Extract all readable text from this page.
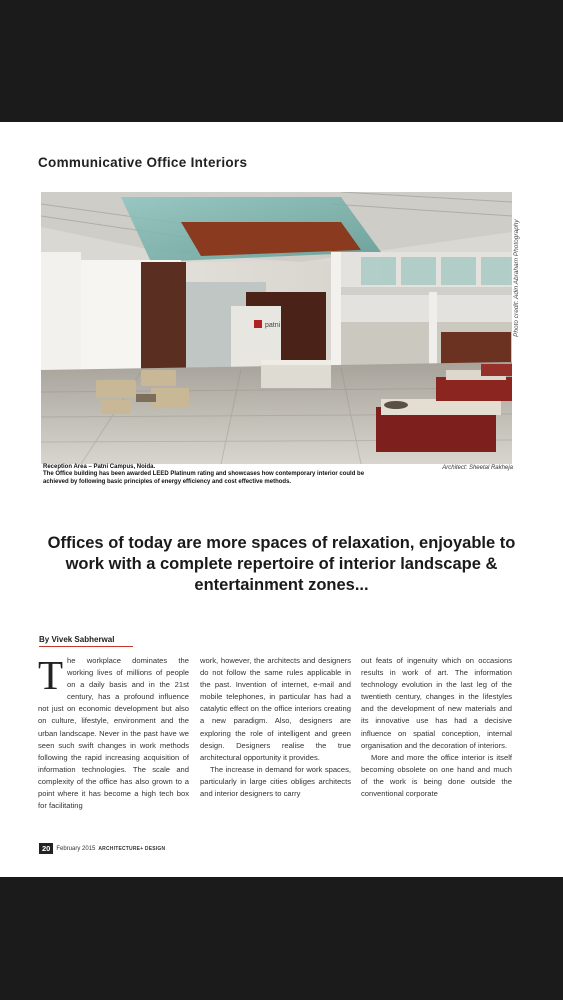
Communicative Office Interiors
patni	Photo credit: Adin Abraham Photography
Reception Area – Patni Campus, Noida.
The Office building has been awarded LEED Platinum rating and showcases how contemporary interior could be achieved by following basic principles of energy efficiency and cost effective methods.
Architect: Sheetal Rakheja
Offices of today are more spaces of relaxation, enjoyable to work with a complete repertoire of interior landscape & entertainment zones...
By Vivek Sabherwal
T he workplace dominates the working lives of millions of people on a daily basis and in the 21st century, has a profound influence not just on economic development but also on culture, lifestyle, environment and the urban landscape. Never in the past have we seen such swift changes in work methods following the rapid increasing acquisition of information technologies. The scale and complexity of the office has also grown to a point where it has become a high tech box for facilitating

work, however, the architects and designers do not follow the same rules applicable in the past. Invention of internet, e-mail and mobile telephones, in particular has had a catalytic effect on the office interiors creating a new paradigm. Also, designers are exploring the role of intelligent and green design. Designers realise the true architectural opportunity it provides.

The increase in demand for work spaces, particularly in large cities obliges architects and interior designers to carry

out feats of ingenuity which on occasions results in work of art. The information technology evolution in the last leg of the twentieth century, changes in the lifestyles and the development of new materials and its innovative use has had a decisive influence on spatial conception, internal organisation and the decoration of interiors.

More and more the office interior is itself becoming obsolete on one hand and much of the work is being done outside the conventional corporate

20	February 2015 ARCHITECTURE+ DESIGN
